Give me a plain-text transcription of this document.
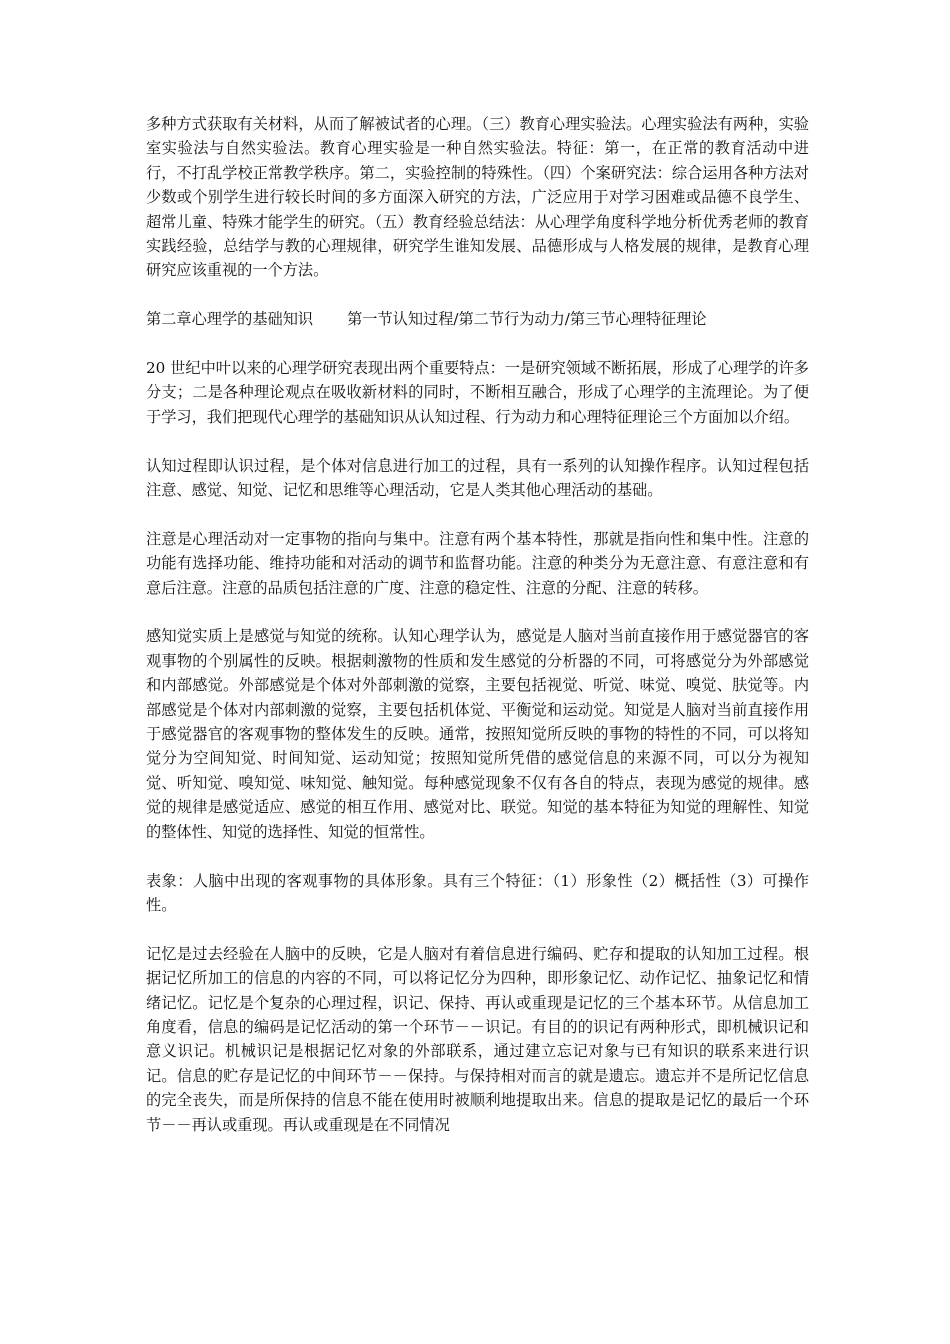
多种方式获取有关材料，从而了解被试者的心理。（三）教育心理实验法。心理实验法有两种，实验室实验法与自然实验法。教育心理实验是一种自然实验法。特征：第一，在正常的教育活动中进行，不打乱学校正常教学秩序。第二，实验控制的特殊性。（四）个案研究法：综合运用各种方法对少数或个别学生进行较长时间的多方面深入研究的方法，广泛应用于对学习困难或品德不良学生、超常儿童、特殊才能学生的研究。（五）教育经验总结法：从心理学角度科学地分析优秀老师的教育实践经验，总结学与教的心理规律，研究学生谁知发展、品德形成与人格发展的规律，是教育心理研究应该重视的一个方法。

第二章心理学的基础知识 第一节认知过程/第二节行为动力/第三节心理特征理论

20 世纪中叶以来的心理学研究表现出两个重要特点：一是研究领域不断拓展，形成了心理学的许多分支；二是各种理论观点在吸收新材料的同时，不断相互融合，形成了心理学的主流理论。为了便于学习，我们把现代心理学的基础知识从认知过程、行为动力和心理特征理论三个方面加以介绍。

认知过程即认识过程，是个体对信息进行加工的过程，具有一系列的认知操作程序。认知过程包括注意、感觉、知觉、记忆和思维等心理活动，它是人类其他心理活动的基础。

注意是心理活动对一定事物的指向与集中。注意有两个基本特性，那就是指向性和集中性。注意的功能有选择功能、维持功能和对活动的调节和监督功能。注意的种类分为无意注意、有意注意和有意后注意。注意的品质包括注意的广度、注意的稳定性、注意的分配、注意的转移。

感知觉实质上是感觉与知觉的统称。认知心理学认为，感觉是人脑对当前直接作用于感觉器官的客观事物的个别属性的反映。根据刺激物的性质和发生感觉的分析器的不同，可将感觉分为外部感觉和内部感觉。外部感觉是个体对外部刺激的觉察，主要包括视觉、听觉、味觉、嗅觉、肤觉等。内部感觉是个体对内部刺激的觉察，主要包括机体觉、平衡觉和运动觉。知觉是人脑对当前直接作用于感觉器官的客观事物的整体发生的反映。通常，按照知觉所反映的事物的特性的不同，可以将知觉分为空间知觉、时间知觉、运动知觉；按照知觉所凭借的感觉信息的来源不同，可以分为视知觉、听知觉、嗅知觉、味知觉、触知觉。每种感觉现象不仅有各自的特点，表现为感觉的规律。感觉的规律是感觉适应、感觉的相互作用、感觉对比、联觉。知觉的基本特征为知觉的理解性、知觉的整体性、知觉的选择性、知觉的恒常性。

表象：人脑中出现的客观事物的具体形象。具有三个特征：（1）形象性（2）概括性（3）可操作性。

记忆是过去经验在人脑中的反映，它是人脑对有着信息进行编码、贮存和提取的认知加工过程。根据记忆所加工的信息的内容的不同，可以将记忆分为四种，即形象记忆、动作记忆、抽象记忆和情绪记忆。记忆是个复杂的心理过程，识记、保持、再认或重现是记忆的三个基本环节。从信息加工角度看，信息的编码是记忆活动的第一个环节－－识记。有目的的识记有两种形式，即机械识记和意义识记。机械识记是根据记忆对象的外部联系，通过建立忘记对象与已有知识的联系来进行识记。信息的贮存是记忆的中间环节－－保持。与保持相对而言的就是遗忘。遗忘并不是所记忆信息的完全丧失，而是所保持的信息不能在使用时被顺利地提取出来。信息的提取是记忆的最后一个环节－－再认或重现。再认或重现是在不同情况
